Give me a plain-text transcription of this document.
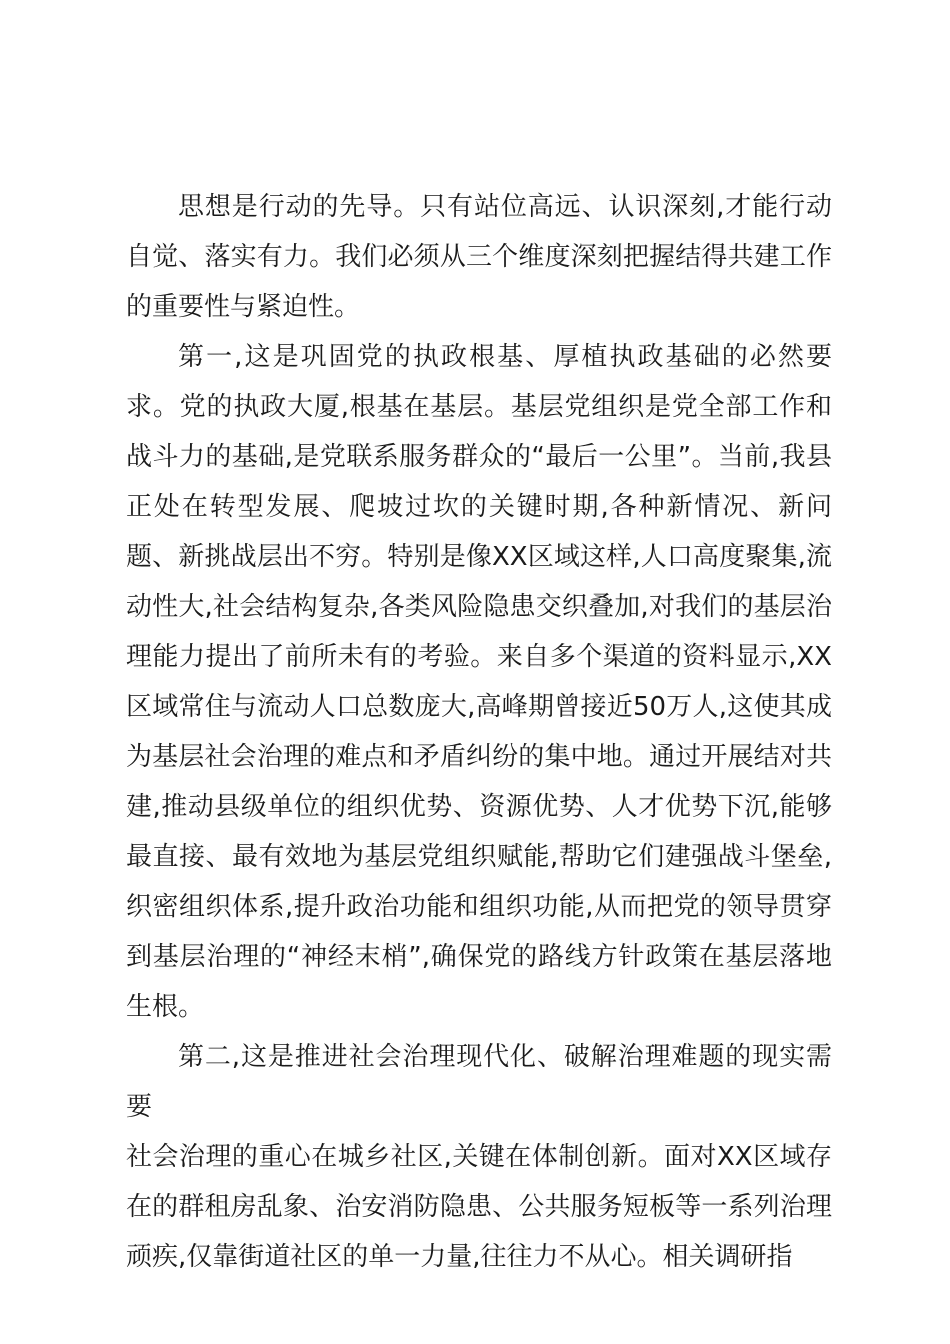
思想是行动的先导。只有站位高远、认识深刻,才能行动自觉、落实有力。我们必须从三个维度深刻把握结得共建工作的重要性与紧迫性。

第一,这是巩固党的执政根基、厚植执政基础的必然要求。党的执政大厦,根基在基层。基层党组织是党全部工作和战斗力的基础,是党联系服务群众的“最后一公里”。当前,我县正处在转型发展、爬坡过坎的关键时期,各种新情况、新问题、新挑战层出不穷。特别是像XX区域这样,人口高度聚集,流动性大,社会结构复杂,各类风险隐患交织叠加,对我们的基层治理能力提出了前所未有的考验。来自多个渠道的资料显示,XX区域常住与流动人口总数庞大,高峰期曾接近50万人,这使其成为基层社会治理的难点和矛盾纠纷的集中地。通过开展结对共建,推动县级单位的组织优势、资源优势、人才优势下沉,能够最直接、最有效地为基层党组织赋能,帮助它们建强战斗堡垒,织密组织体系,提升政治功能和组织功能,从而把党的领导贯穿到基层治理的“神经末梢”,确保党的路线方针政策在基层落地生根。

第二,这是推进社会治理现代化、破解治理难题的现实需要

社会治理的重心在城乡社区,关键在体制创新。面对XX区域存在的群租房乱象、治安消防隐患、公共服务短板等一系列治理顽疾,仅靠街道社区的单一力量,往往力不从心。相关调研指
